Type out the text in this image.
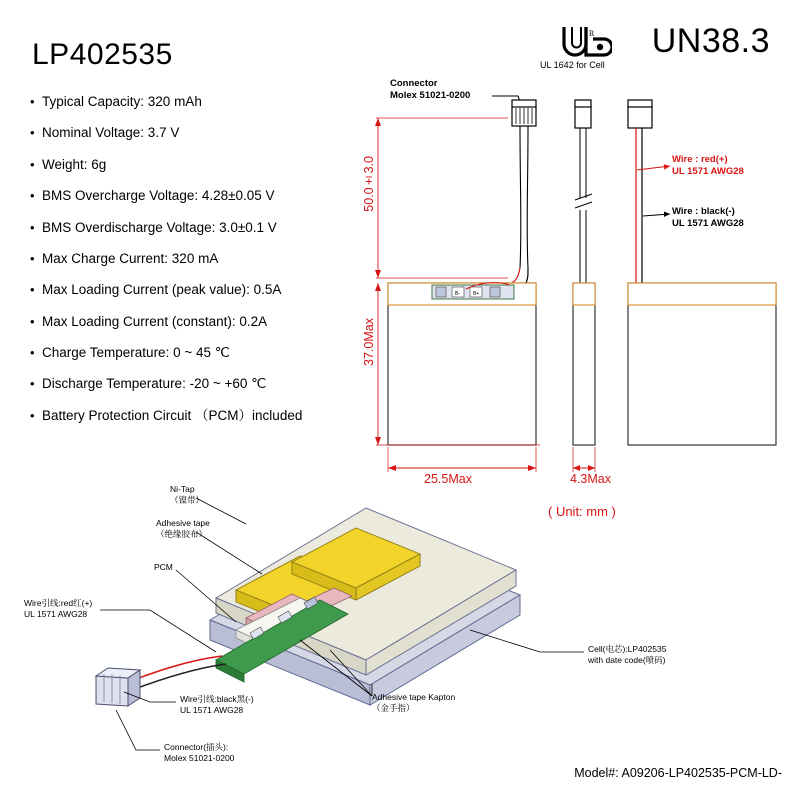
LP402535	UN38.3
R
UL 1642 for Cell
• Typical Capacity: 320 mAh
• Nominal Voltage: 3.7 V
• Weight: 6g
• BMS Overcharge Voltage: 4.28±0.05 V
• BMS Overdischarge Voltage: 3.0±0.1 V
• Max Charge Current: 320 mA
• Max Loading Current (peak value): 0.5A
• Max Loading Current (constant): 0.2A
• Charge Temperature: 0 ~ 45 ℃
• Discharge Temperature: -20 ~ +60 ℃
• Battery Protection Circuit （PCM）included
B-	B+
Connector
Molex 51021-0200
Wire : red(+)
UL 1571 AWG28
Wire : black(-)
UL 1571 AWG28
50.0±3.0
37.0Max
25.5Max	4.3Max
( Unit: mm )
Ni-Tap
（镍带）
Adhesive tape
（绝缘胶布）
PCM
Wire引线:red红(+)
UL 1571 AWG28
Wire引线:black黑(-)
UL 1571 AWG28
Connector(插头):
Molex 51021-0200
Cell(电芯):LP402535
with date code(喷码)
Adhesive tape Kapton
（金手指）
Model#: A09206-LP402535-PCM-LD-
